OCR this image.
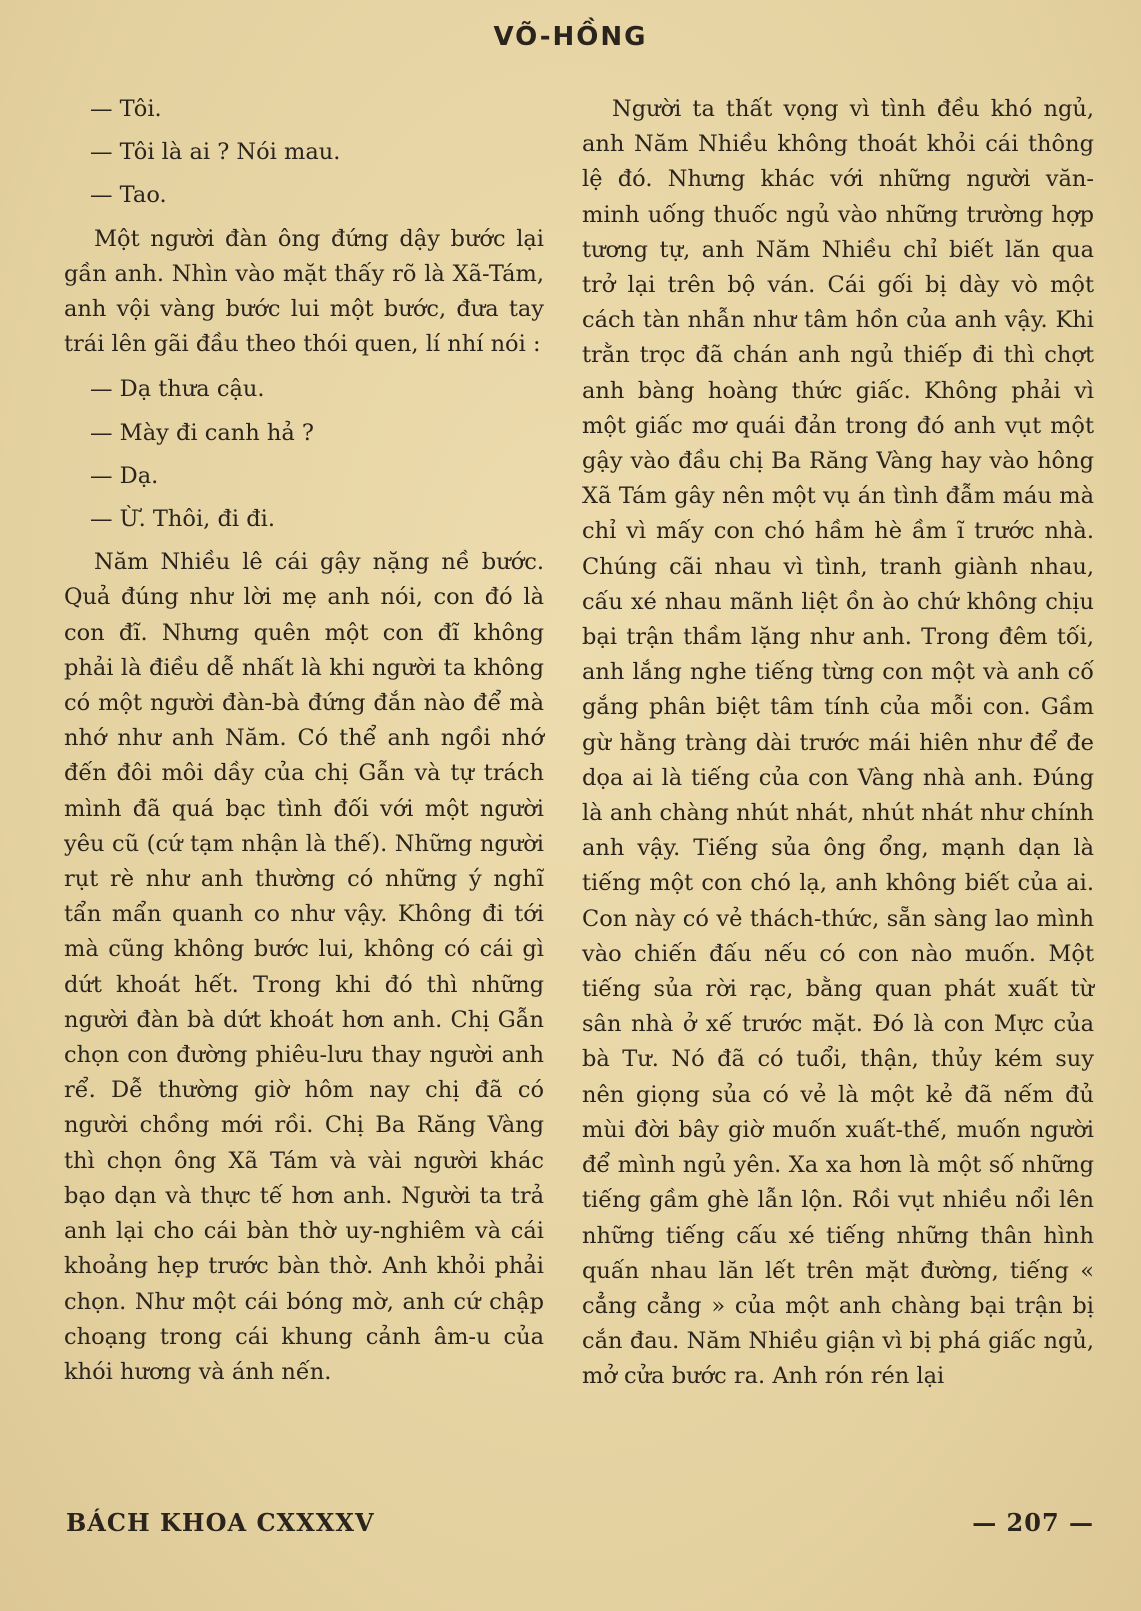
VÕ-HỒNG
— Tôi.
— Tôi là ai ? Nói mau.
— Tao.
Một người đàn ông đứng dậy bước lại gần anh. Nhìn vào mặt thấy rõ là Xã-Tám, anh vội vàng bước lui một bước, đưa tay trái lên gãi đầu theo thói quen, lí nhí nói :
— Dạ thưa cậu.
— Mày đi canh hả ?
— Dạ.
— Ừ. Thôi, đi đi.
Năm Nhiều lê cái gậy nặng nề bước. Quả đúng như lời mẹ anh nói, con đó là con đĩ. Nhưng quên một con đĩ không phải là điều dễ nhất là khi người ta không có một người đàn-bà đứng đắn nào để mà nhớ như anh Năm. Có thể anh ngồi nhớ đến đôi môi dầy của chị Gẫn và tự trách mình đã quá bạc tình đối với một người yêu cũ (cứ tạm nhận là thế). Những người rụt rè như anh thường có những ý nghĩ tẩn mẩn quanh co như vậy. Không đi tới mà cũng không bước lui, không có cái gì dứt khoát hết. Trong khi đó thì những người đàn bà dứt khoát hơn anh. Chị Gẫn chọn con đường phiêu-lưu thay người anh rể. Dễ thường giờ hôm nay chị đã có người chồng mới rồi. Chị Ba Răng Vàng thì chọn ông Xã Tám và vài người khác bạo dạn và thực tế hơn anh. Người ta trả anh lại cho cái bàn thờ uy-nghiêm và cái khoảng hẹp trước bàn thờ. Anh khỏi phải chọn. Như một cái bóng mờ, anh cứ chập choạng trong cái khung cảnh âm-u của khói hương và ánh nến.
Người ta thất vọng vì tình đều khó ngủ, anh Năm Nhiều không thoát khỏi cái thông lệ đó. Nhưng khác với những người văn-minh uống thuốc ngủ vào những trường hợp tương tự, anh Năm Nhiều chỉ biết lăn qua trở lại trên bộ ván. Cái gối bị dày vò một cách tàn nhẫn như tâm hồn của anh vậy. Khi trằn trọc đã chán anh ngủ thiếp đi thì chợt anh bàng hoàng thức giấc. Không phải vì một giấc mơ quái đản trong đó anh vụt một gậy vào đầu chị Ba Răng Vàng hay vào hông Xã Tám gây nên một vụ án tình đẫm máu mà chỉ vì mấy con chó hầm hè ầm ĩ trước nhà. Chúng cãi nhau vì tình, tranh giành nhau, cấu xé nhau mãnh liệt ồn ào chứ không chịu bại trận thầm lặng như anh. Trong đêm tối, anh lắng nghe tiếng từng con một và anh cố gắng phân biệt tâm tính của mỗi con. Gầm gừ hằng tràng dài trước mái hiên như để đe dọa ai là tiếng của con Vàng nhà anh. Đúng là anh chàng nhút nhát, nhút nhát như chính anh vậy. Tiếng sủa ông ổng, mạnh dạn là tiếng một con chó lạ, anh không biết của ai. Con này có vẻ thách-thức, sẵn sàng lao mình vào chiến đấu nếu có con nào muốn. Một tiếng sủa rời rạc, bằng quan phát xuất từ sân nhà ở xế trước mặt. Đó là con Mực của bà Tư. Nó đã có tuổi, thận, thủy kém suy nên giọng sủa có vẻ là một kẻ đã nếm đủ mùi đời bây giờ muốn xuất-thế, muốn người để mình ngủ yên. Xa xa hơn là một số những tiếng gầm ghè lẫn lộn. Rồi vụt nhiều nổi lên những tiếng cấu xé tiếng những thân hình quấn nhau lăn lết trên mặt đường, tiếng « cẳng cẳng » của một anh chàng bại trận bị cắn đau. Năm Nhiều giận vì bị phá giấc ngủ, mở cửa bước ra. Anh rón rén lại
BÁCH KHOA CXXXXV	— 207 —
